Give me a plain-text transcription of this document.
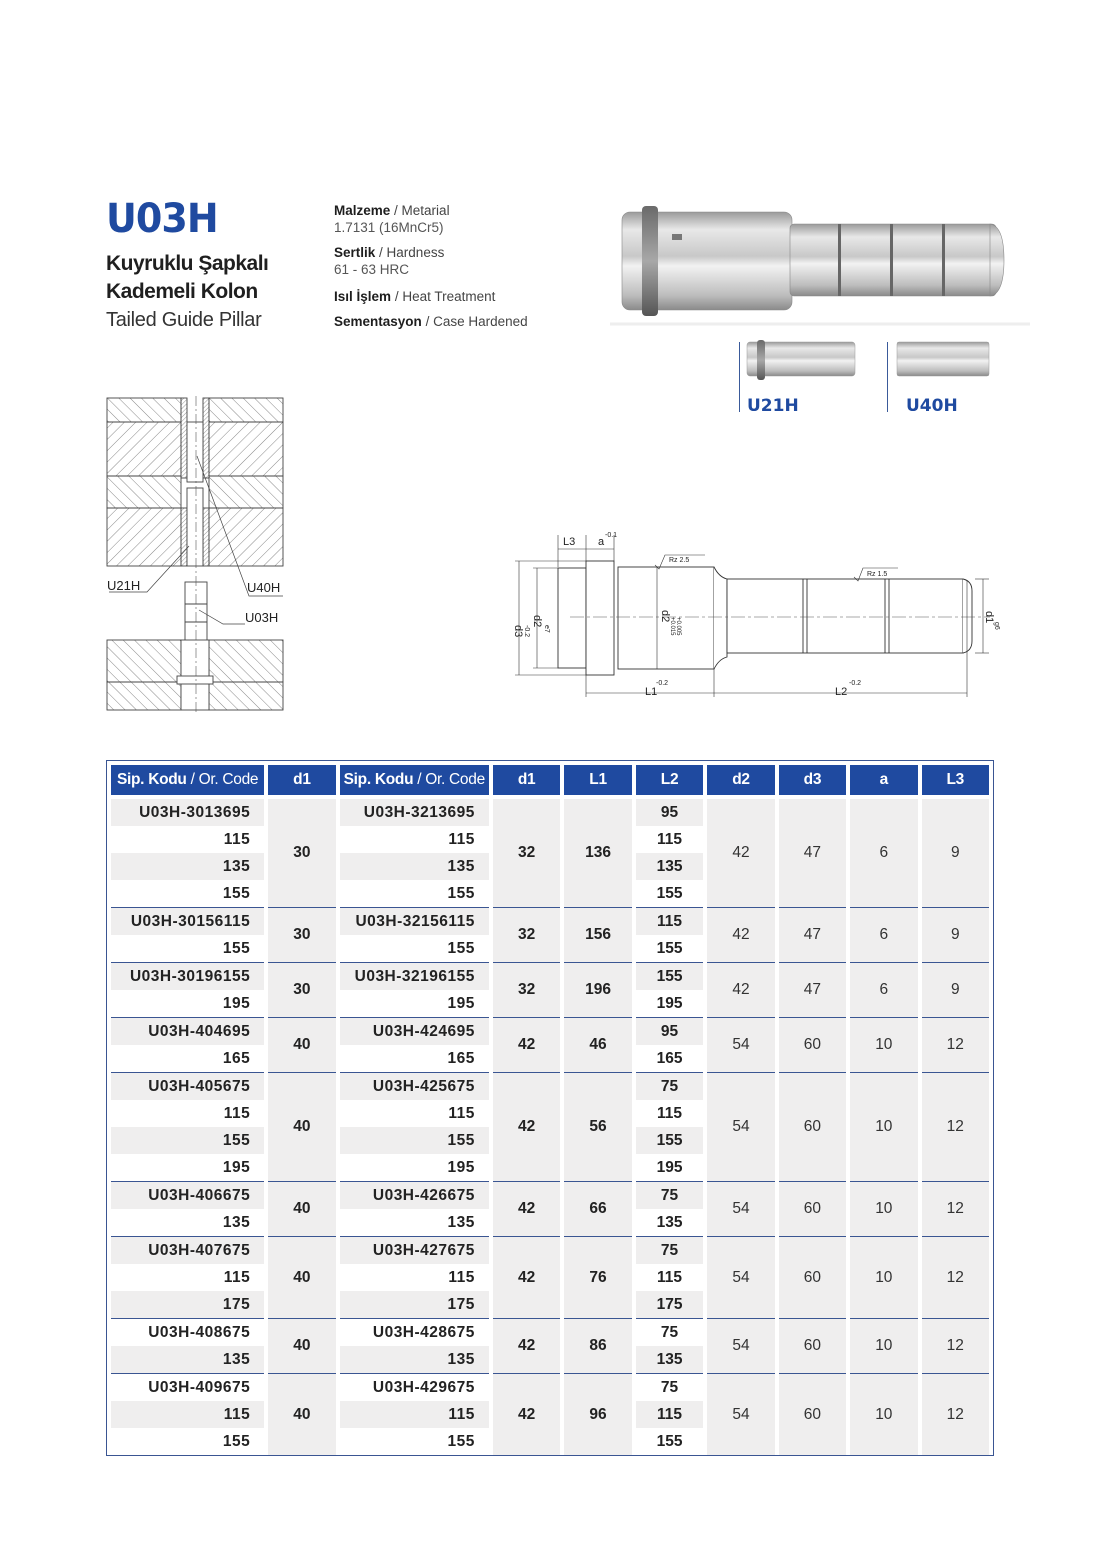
U03H
Kuyruklu Şapkalı
Kademeli Kolon
Tailed Guide Pillar
Malzeme / Metarial
1.7131 (16MnCr5)
Sertlik / Hardness
61 - 63 HRC
Isıl İşlem / Heat Treatment
Sementasyon / Case Hardened
U21H	U40H
U21H	U40H
U03H
L3 a
-0.1
Rz 2.5
Rz 1.5
L1
-0.2
L2
-0.2
d3 -0.2
d2
e7
d2
+0.015 +0.005	d1
g6
Sip. Kodu / Or. Code	d1	Sip. Kodu / Or. Code	d1	L1	L2	d2	d3	a	L3
U03H-3013695	30	U03H-3213695	32	136	95	42	47	6	9
115		115			115				
135		135			135				
155		155			155				
U03H-30156115	30	U03H-32156115	32	156	115	42	47	6	9
155		155			155				
U03H-30196155	30	U03H-32196155	32	196	155	42	47	6	9
195		195			195				
U03H-404695	40	U03H-424695	42	46	95	54	60	10	12
165		165			165				
U03H-405675	40	U03H-425675	42	56	75	54	60	10	12
115		115			115				
155		155			155				
195		195			195				
U03H-406675	40	U03H-426675	42	66	75	54	60	10	12
135		135			135				
U03H-407675	40	U03H-427675	42	76	75	54	60	10	12
115		115			115				
175		175			175				
U03H-408675	40	U03H-428675	42	86	75	54	60	10	12
135		135			135				
U03H-409675	40	U03H-429675	42	96	75	54	60	10	12
115		115			115				
155		155			155				
